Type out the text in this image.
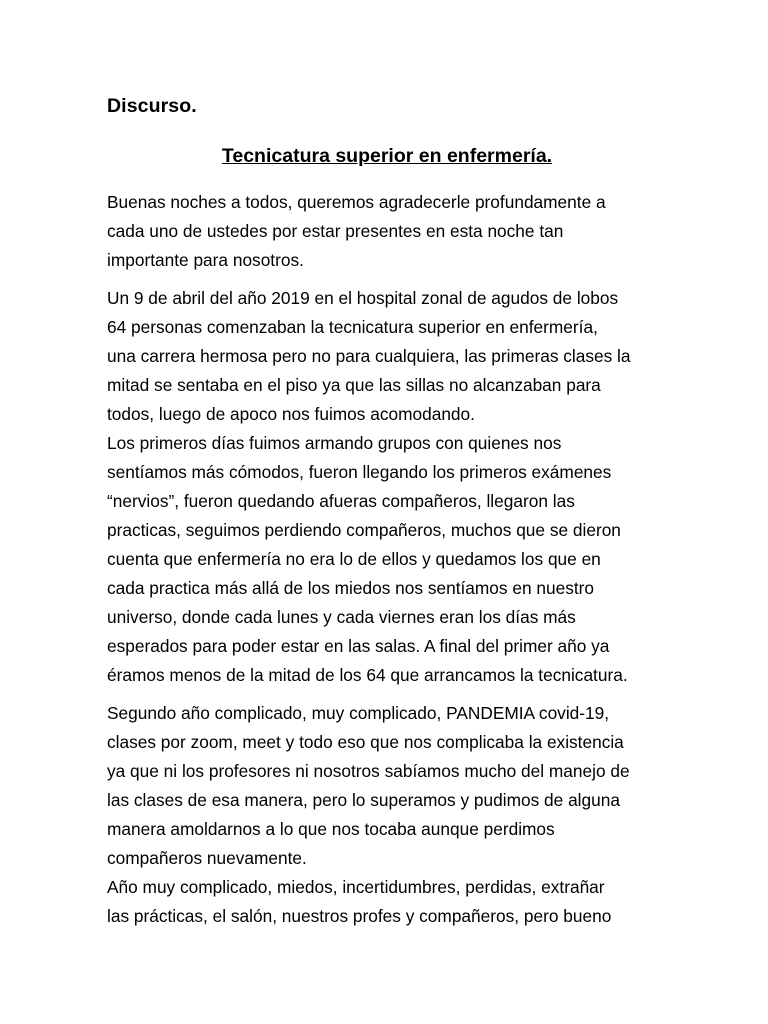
Discurso.
Tecnicatura superior en enfermería.
Buenas noches a todos, queremos agradecerle profundamente a
cada uno de ustedes por estar presentes en esta noche tan
importante para nosotros.
Un 9 de abril del año 2019 en el hospital zonal de agudos de lobos
64 personas comenzaban la tecnicatura superior en enfermería,
una carrera hermosa pero no para cualquiera, las primeras clases la
mitad se sentaba en el piso ya que las sillas no alcanzaban para
todos, luego de apoco nos fuimos acomodando.
Los primeros días fuimos armando grupos con quienes nos
sentíamos más cómodos, fueron llegando los primeros exámenes
“nervios”, fueron quedando afueras compañeros, llegaron las
practicas, seguimos perdiendo compañeros, muchos que se dieron
cuenta que enfermería no era lo de ellos y quedamos los que en
cada practica más allá de los miedos nos sentíamos en nuestro
universo, donde cada lunes y cada viernes eran los días más
esperados para poder estar en las salas. A final del primer año ya
éramos menos de la mitad de los 64 que arrancamos la tecnicatura.
Segundo año complicado, muy complicado, PANDEMIA covid-19,
clases por zoom, meet y todo eso que nos complicaba la existencia
ya que ni los profesores ni nosotros sabíamos mucho del manejo de
las clases de esa manera, pero lo superamos y pudimos de alguna
manera amoldarnos a lo que nos tocaba aunque perdimos
compañeros nuevamente.
Año muy complicado, miedos, incertidumbres, perdidas, extrañar
las prácticas, el salón, nuestros profes y compañeros, pero bueno
